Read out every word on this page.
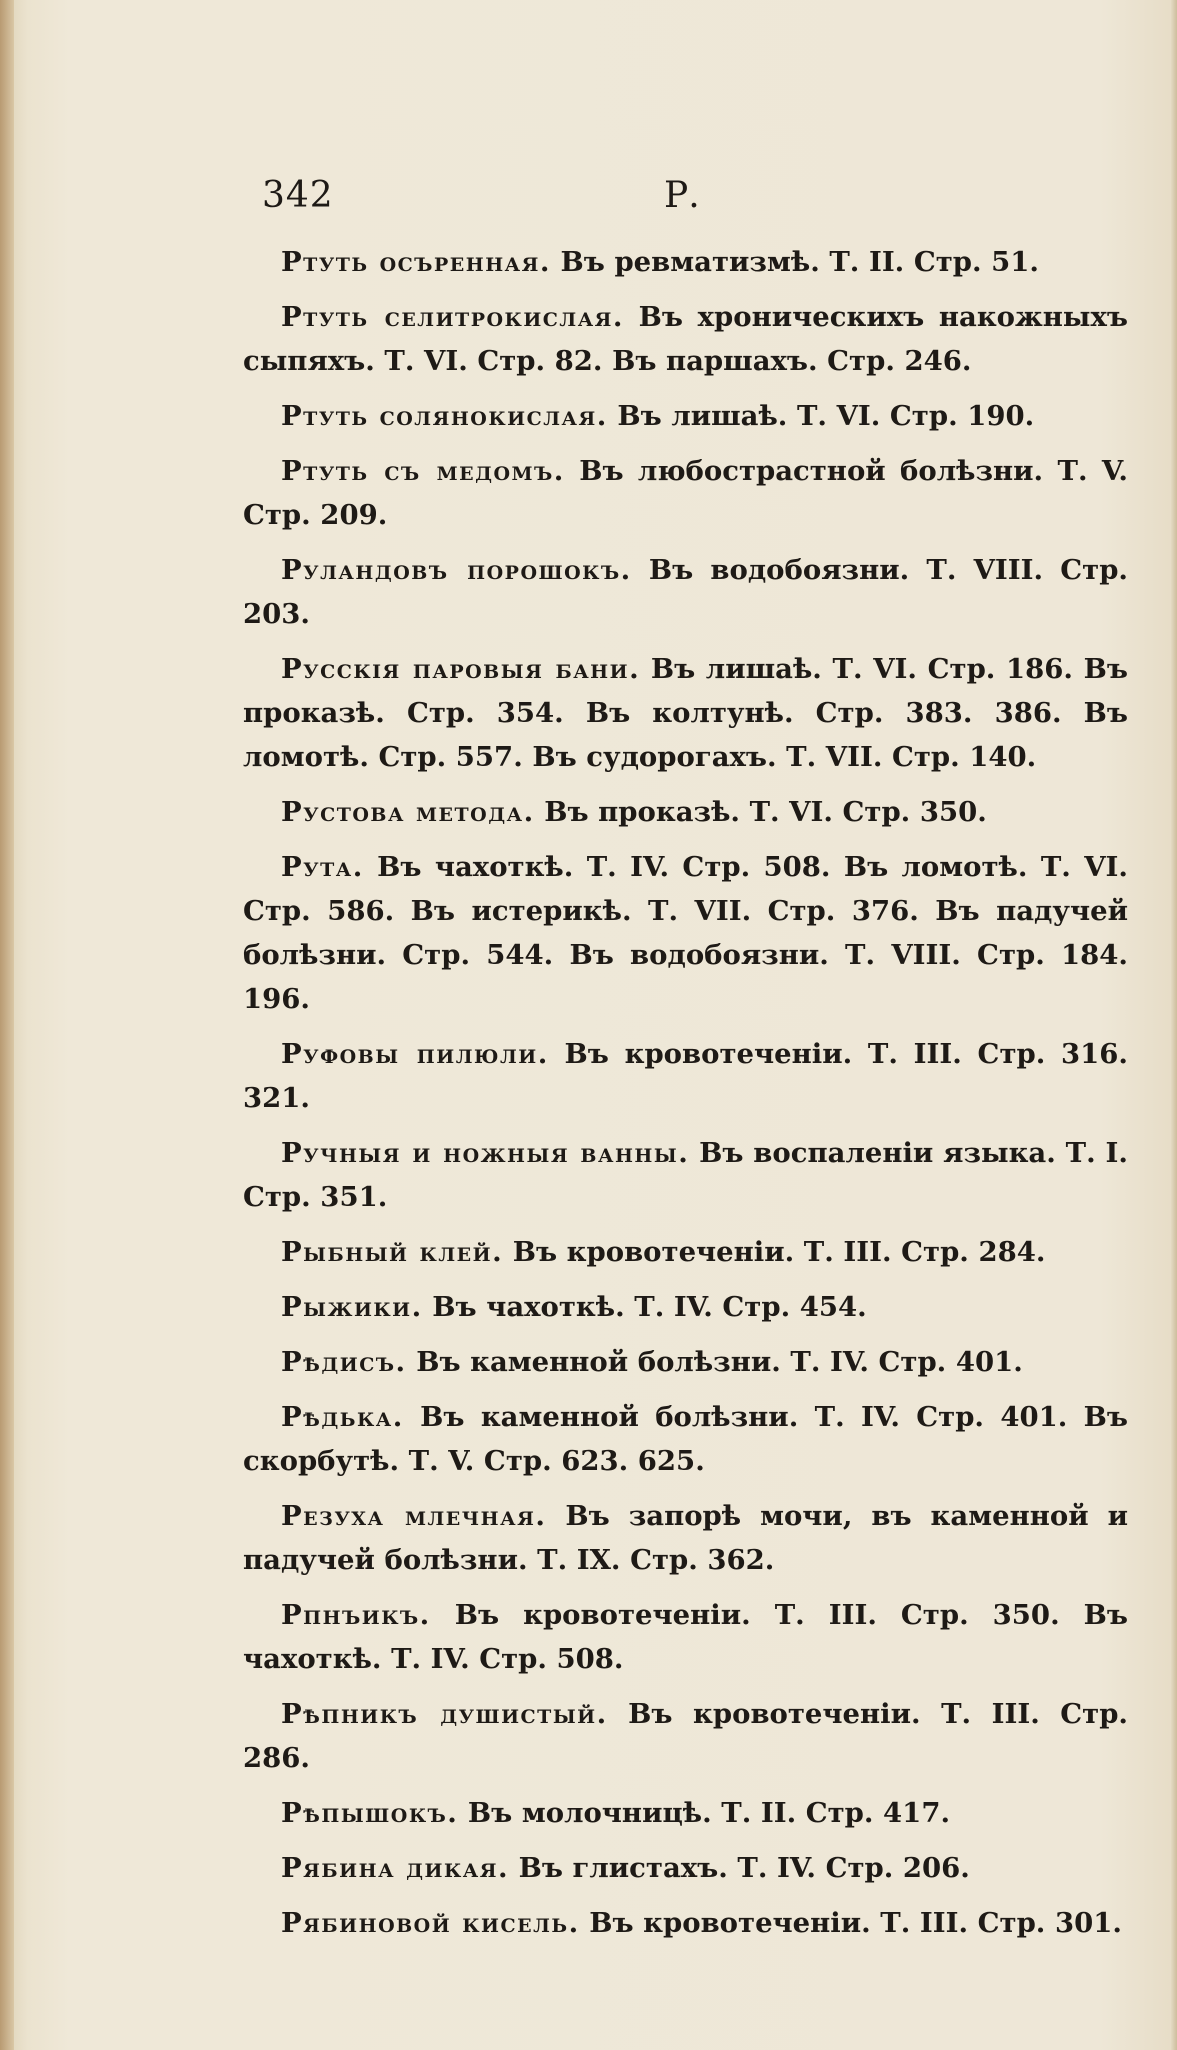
342	Р.

Ртуть осъренная. Въ ревматизмѣ. Т. II. Стр. 51.

Ртуть селитрокислая. Въ хроническихъ накожныхъ сыпяхъ. Т. VI. Стр. 82. Въ паршахъ. Стр. 246.

Ртуть солянокислая. Въ лишаѣ. Т. VI. Стр. 190.

Ртуть съ медомъ. Въ любострастной болѣзни. Т. V. Стр. 209.

Руландовъ порошокъ. Въ водобоязни. Т. VIII. Стр. 203.

Русскія паровыя бани. Въ лишаѣ. Т. VI. Стр. 186. Въ проказѣ. Стр. 354. Въ колтунѣ. Стр. 383. 386. Въ ломотѣ. Стр. 557. Въ судорогахъ. Т. VII. Стр. 140.

Рустова метода. Въ проказѣ. Т. VI. Стр. 350.

Рута. Въ чахоткѣ. Т. IV. Стр. 508. Въ ломотѣ. Т. VI. Стр. 586. Въ истерикѣ. Т. VII. Стр. 376. Въ падучей болѣзни. Стр. 544. Въ водобоязни. Т. VIII. Стр. 184. 196.

Руфовы пилюли. Въ кровотеченіи. Т. III. Стр. 316. 321.

Ручныя и ножныя ванны. Въ воспаленіи языка. Т. I. Стр. 351.

Рыбный клей. Въ кровотеченіи. Т. III. Стр. 284.

Рыжики. Въ чахоткѣ. Т. IV. Стр. 454.

Рѣдисъ. Въ каменной болѣзни. Т. IV. Стр. 401.

Рѣдька. Въ каменной болѣзни. Т. IV. Стр. 401. Въ скорбутѣ. Т. V. Стр. 623. 625.

Резуха млечная. Въ запорѣ мочи, въ каменной и падучей болѣзни. Т. IX. Стр. 362.

Рпнъикъ. Въ кровотеченіи. Т. III. Стр. 350. Въ чахоткѣ. Т. IV. Стр. 508.

Рѣпникъ душистый. Въ кровотеченіи. Т. III. Стр. 286.

Рѣпышокъ. Въ молочницѣ. Т. II. Стр. 417.

Рябина дикая. Въ глистахъ. Т. IV. Стр. 206.

Рябиновой кисель. Въ кровотеченіи. Т. III. Стр. 301.
